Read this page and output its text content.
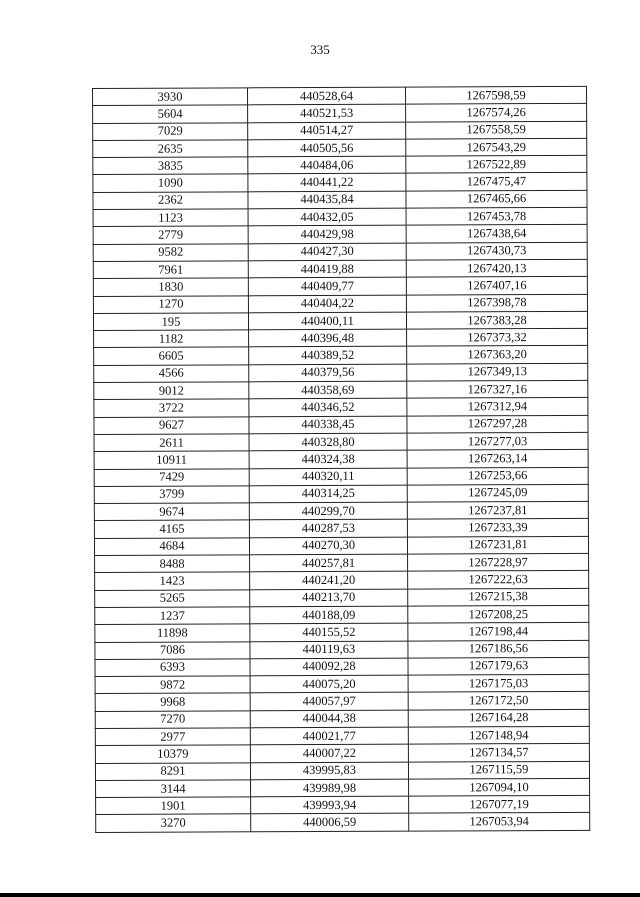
335
3930	440528,64	1267598,59
5604	440521,53	1267574,26
7029	440514,27	1267558,59
2635	440505,56	1267543,29
3835	440484,06	1267522,89
1090	440441,22	1267475,47
2362	440435,84	1267465,66
1123	440432,05	1267453,78
2779	440429,98	1267438,64
9582	440427,30	1267430,73
7961	440419,88	1267420,13
1830	440409,77	1267407,16
1270	440404,22	1267398,78
195	440400,11	1267383,28
1182	440396,48	1267373,32
6605	440389,52	1267363,20
4566	440379,56	1267349,13
9012	440358,69	1267327,16
3722	440346,52	1267312,94
9627	440338,45	1267297,28
2611	440328,80	1267277,03
10911	440324,38	1267263,14
7429	440320,11	1267253,66
3799	440314,25	1267245,09
9674	440299,70	1267237,81
4165	440287,53	1267233,39
4684	440270,30	1267231,81
8488	440257,81	1267228,97
1423	440241,20	1267222,63
5265	440213,70	1267215,38
1237	440188,09	1267208,25
11898	440155,52	1267198,44
7086	440119,63	1267186,56
6393	440092,28	1267179,63
9872	440075,20	1267175,03
9968	440057,97	1267172,50
7270	440044,38	1267164,28
2977	440021,77	1267148,94
10379	440007,22	1267134,57
8291	439995,83	1267115,59
3144	439989,98	1267094,10
1901	439993,94	1267077,19
3270	440006,59	1267053,94
